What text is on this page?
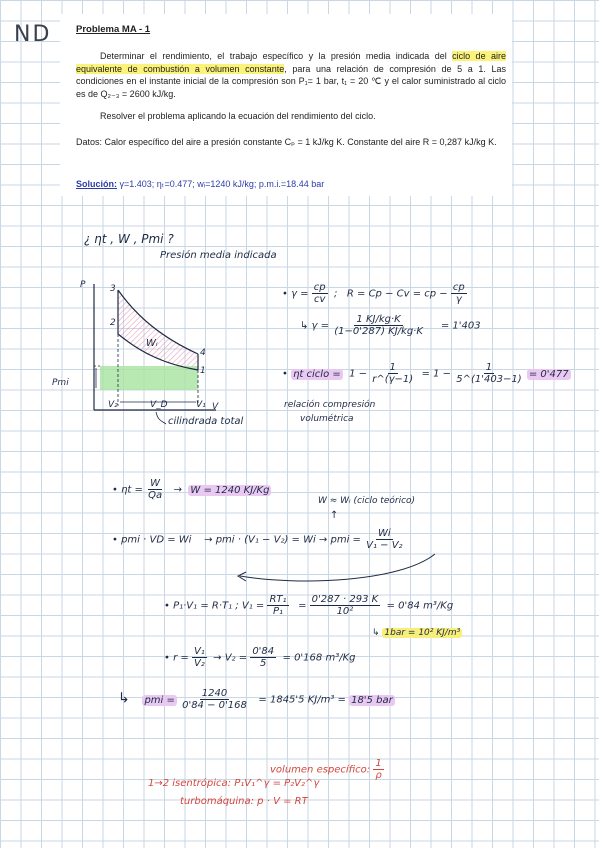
ND	Problema MA - 1

Determinar el rendimiento, el trabajo específico y la presión media indicada del ciclo de aire equivalente de combustión a volumen constante, para una relación de compresión de 5 a 1. Las condiciones en el instante inicial de la compresión son P₁= 1 bar, t₁ = 20 ℃ y el calor suministrado al ciclo es de Q₂₋₃ = 2600 kJ/kg.

Resolver el problema aplicando la ecuación del rendimiento del ciclo.

Datos: Calor específico del aire a presión constante Cₚ = 1 kJ/kg K. Constante del aire R = 0,287 kJ/kg K.

Solución: γ=1.403; ηₜ=0.477; wᵢ=1240 kJ/kg; p.m.i.=18.44 bar

¿ ηt , W , Pmi ?
Presión media indicada
P
V
3
2
4
1
Wᵢ
Pmi
V₂	V_D	V₁
cilindrada total
• $\gamma = \frac{cp}{cv}$ ; R = Cp − Cv = cp − $\frac{cp}{\gamma}$
↳ $\gamma = \frac{1 KJ/kg\cdot K}{(1-0'287) KJ/kg\cdot K} = 1'403$
• ηt ciclo = $1 - \frac{1}{r\^{}(\gamma-1)} = 1 - \frac{1}{5\^{}(1'403-1)} = 0'477$
relación compresión
volumétrica
• $\eta t = \frac{W}{Qa} \to W = 1240$ KJ/Kg
W ≈ Wᵢ (ciclo teórico)
↑
• pmi · VD = Wi → pmi · (V₁ − V₂) = Wi → pmi = $\frac{Wi}{\text{V₁ − V₂}}$
• P₁·V₁ = R·T₁ ; $V_1 = \frac{\text{RT₁}}{\text{P₁}} = \frac{0'287 \cdot 293 K}{\text{10²}} = 0'84$ m³/Kg
↳ 1bar = 10² KJ/m³
• $r = \frac{\text{V₁}}{\text{V₂}} \to V_2 = \frac{0'84}{5} = 0'168$ m³/Kg
↳ pmi = $\frac{1240}{0'84 - 0'168} = 1845'5$ KJ/m³ = 18'5 bar
volumen específico: $\frac{1}{\rho}$
1→2 isentrópica: P₁V₁^γ = P₂V₂^γ
turbomáquina: p · V = RT
